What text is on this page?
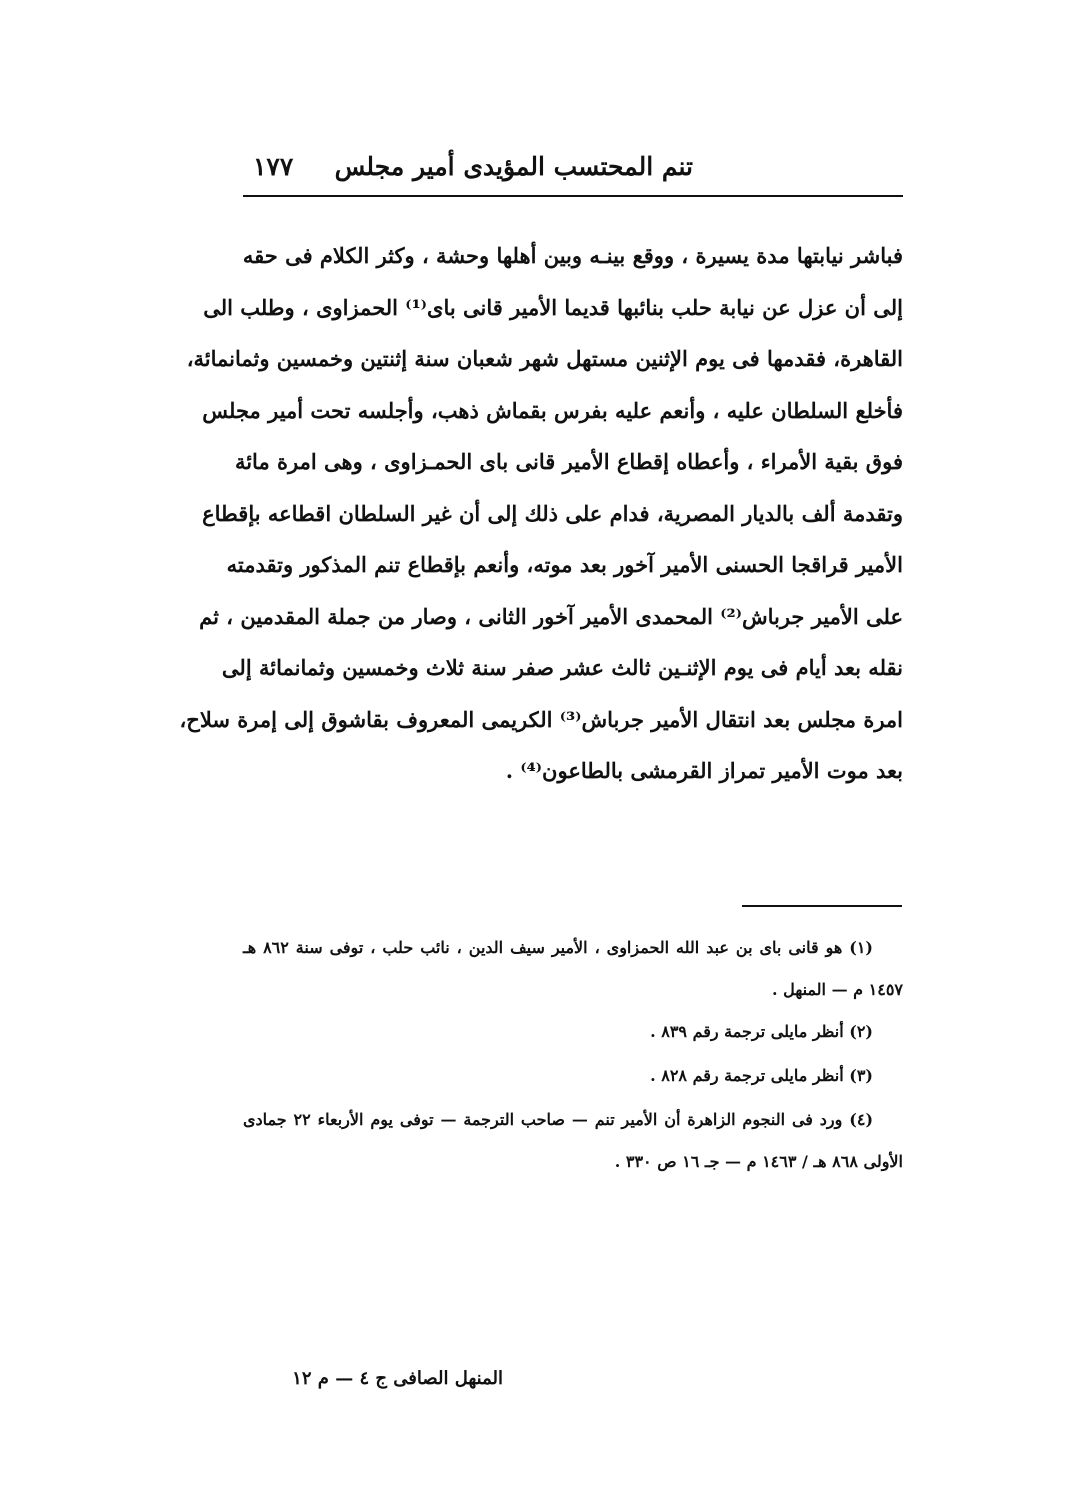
تنم المحتسب المؤيدى أمير مجلس
١٧٧
فباشر نيابتها مدة يسيرة ، ووقع بينـه وبين أهلها وحشة ، وكثر الكلام فى حقه
إلى أن عزل عن نيابة حلب بنائبها قديما الأمير قانى باى⁽¹⁾ الحمزاوى ، وطلب الى
القاهرة، فقدمها فى يوم الإثنين مستهل شهر شعبان سنة إثنتين وخمسين وثمانمائة،
فأخلع السلطان عليه ، وأنعم عليه بفرس بقماش ذهب، وأجلسه تحت أمير مجلس
فوق بقية الأمراء ، وأعطاه إقطاع الأمير قانى باى الحمـزاوى ، وهى امرة مائة
وتقدمة ألف بالديار المصرية، فدام على ذلك إلى أن غير السلطان اقطاعه بإقطاع
الأمير قراقجا الحسنى الأمير آخور بعد موته، وأنعم بإقطاع تنم المذكور وتقدمته
على الأمير جرباش⁽²⁾ المحمدى الأمير آخور الثانى ، وصار من جملة المقدمين ، ثم
نقله بعد أيام فى يوم الإثنـين ثالث عشر صفر سنة ثلاث وخمسين وثمانمائة إلى
امرة مجلس بعد انتقال الأمير جرباش⁽³⁾ الكريمى المعروف بقاشوق إلى إمرة سلاح،
بعد موت الأمير تمراز القرمشى بالطاعون⁽⁴⁾ .
(١) هو قانى باى بن عبد الله الحمزاوى ، الأمير سيف الدين ، نائب حلب ، توفى سنة ٨٦٢ هـ
١٤٥٧ م — المنهل .
(٢) أنظر مايلى ترجمة رقم ٨٣٩ .
(٣) أنظر مايلى ترجمة رقم ٨٢٨ .
(٤) ورد فى النجوم الزاهرة أن الأمير تنم — صاحب الترجمة — توفى يوم الأربعاء ٢٢ جمادى
الأولى ٨٦٨ هـ / ١٤٦٣ م — جـ ١٦ ص ٣٣٠ .
المنهل الصافى ج ٤ — م ١٢
